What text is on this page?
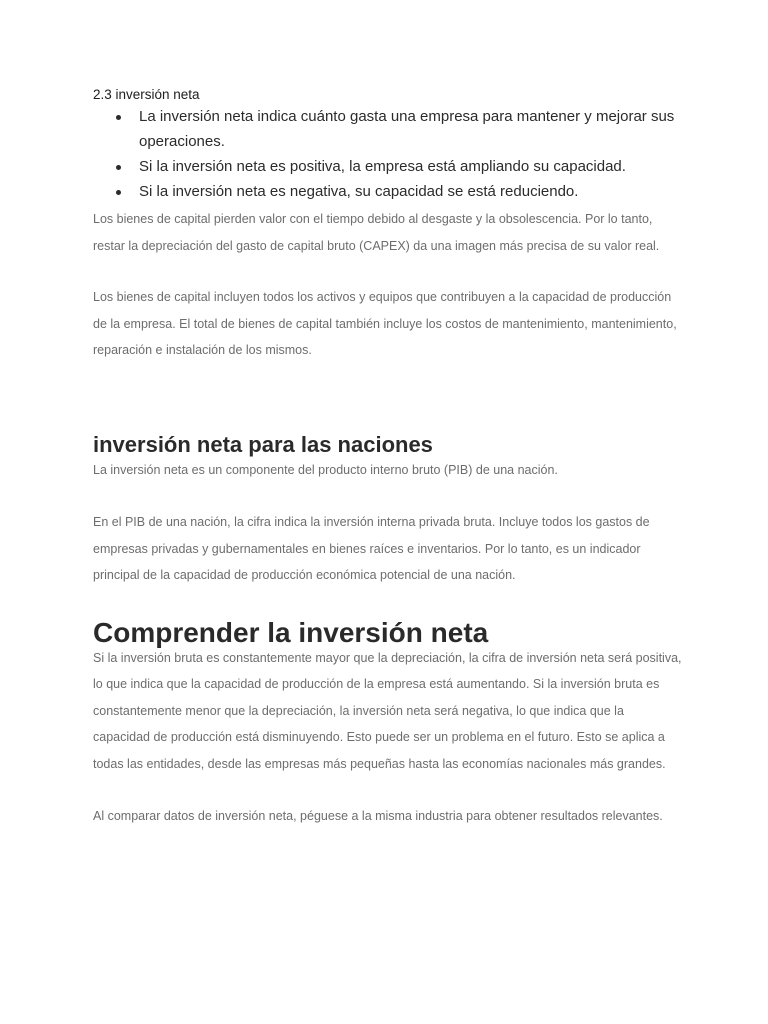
2.3 inversión neta

La inversión neta indica cuánto gasta una empresa para mantener y mejorar sus operaciones.
Si la inversión neta es positiva, la empresa está ampliando su capacidad.
Si la inversión neta es negativa, su capacidad se está reduciendo.

Los bienes de capital pierden valor con el tiempo debido al desgaste y la obsolescencia. Por lo tanto, restar la depreciación del gasto de capital bruto (CAPEX) da una imagen más precisa de su valor real.

Los bienes de capital incluyen todos los activos y equipos que contribuyen a la capacidad de producción de la empresa. El total de bienes de capital también incluye los costos de mantenimiento, mantenimiento, reparación e instalación de los mismos.

inversión neta para las naciones

La inversión neta es un componente del producto interno bruto (PIB) de una nación.

En el PIB de una nación, la cifra indica la inversión interna privada bruta. Incluye todos los gastos de empresas privadas y gubernamentales en bienes raíces e inventarios. Por lo tanto, es un indicador principal de la capacidad de producción económica potencial de una nación.

Comprender la inversión neta

Si la inversión bruta es constantemente mayor que la depreciación, la cifra de inversión neta será positiva, lo que indica que la capacidad de producción de la empresa está aumentando. Si la inversión bruta es constantemente menor que la depreciación, la inversión neta será negativa, lo que indica que la capacidad de producción está disminuyendo. Esto puede ser un problema en el futuro. Esto se aplica a todas las entidades, desde las empresas más pequeñas hasta las economías nacionales más grandes.

Al comparar datos de inversión neta, péguese a la misma industria para obtener resultados relevantes.
